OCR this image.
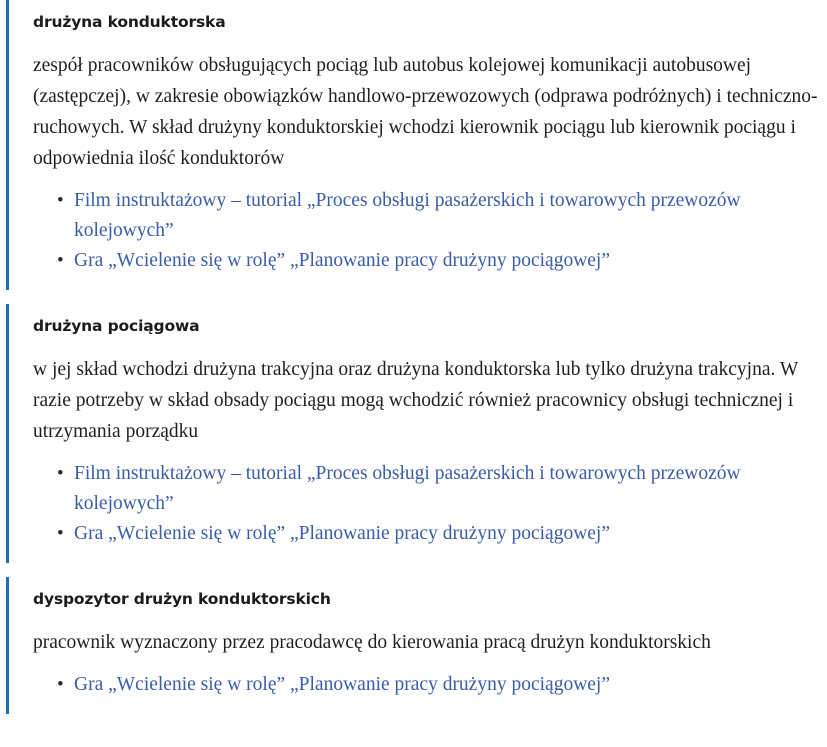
drużyna konduktorska

zespół pracowników obsługujących pociąg lub autobus kolejowej komunikacji autobusowej (zastępczej), w zakresie obowiązków handlowo-przewozowych (odprawa podróżnych) i techniczno-ruchowych. W skład drużyny konduktorskiej wchodzi kierownik pociągu lub kierownik pociągu i odpowiednia ilość konduktorów

• Film instruktażowy – tutorial „Proces obsługi pasażerskich i towarowych przewozów kolejowych”
• Gra „Wcielenie się w rolę” „Planowanie pracy drużyny pociągowej”
drużyna pociągowa

w jej skład wchodzi drużyna trakcyjna oraz drużyna konduktorska lub tylko drużyna trakcyjna. W razie potrzeby w skład obsady pociągu mogą wchodzić również pracownicy obsługi technicznej i utrzymania porządku

• Film instruktażowy – tutorial „Proces obsługi pasażerskich i towarowych przewozów kolejowych”
• Gra „Wcielenie się w rolę” „Planowanie pracy drużyny pociągowej”
dyspozytor drużyn konduktorskich

pracownik wyznaczony przez pracodawcę do kierowania pracą drużyn konduktorskich

• Gra „Wcielenie się w rolę” „Planowanie pracy drużyny pociągowej”
